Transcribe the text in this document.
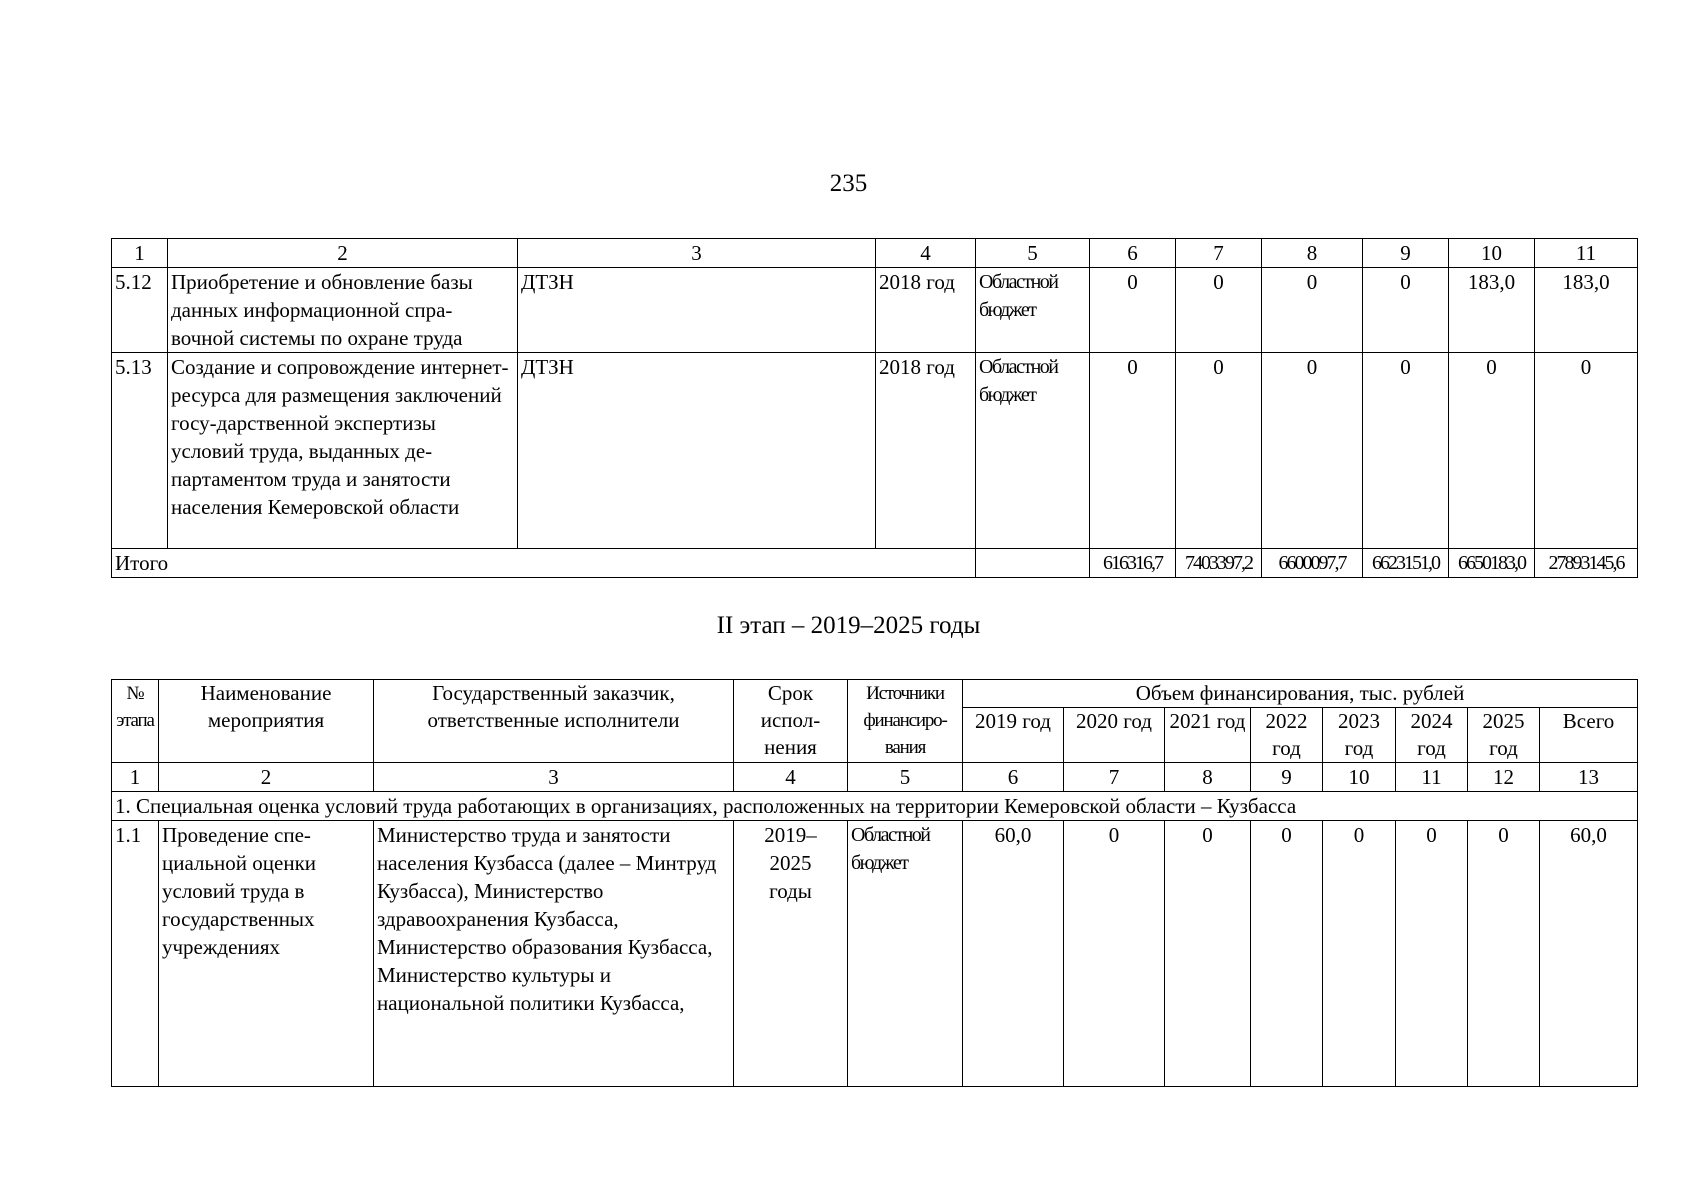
235
1	2	3	4	5	6	7	8	9	10	11
5.12	Приобретение и обновление базы данных информационной спра-вочной системы по охране труда	ДТЗН	2018 год	Областной бюджет	0	0	0	0	183,0	183,0
5.13	Создание и сопровождение интернет-ресурса для размещения заключений госу-дарственной экспертизы условий труда, выданных де-партаментом труда и занятости населения Кемеровской области	ДТЗН	2018 год	Областной бюджет	0	0	0	0	0	0
Итого					616316,7	7403397,2	6600097,7	6623151,0	6650183,0	27893145,6
II этап – 2019–2025 годы
№ этапа	Наименование мероприятия	Государственный заказчик, ответственные исполнители	Срок испол-нения	Источники финансиро-вания	Объем финансирования, тыс. рублей							
					2019 год	2020 год	2021 год	2022 год	2023 год	2024 год	2025 год	Всего
1	2	3	4	5	6	7	8	9	10	11	12	13
1. Специальная оценка условий труда работающих в организациях, расположенных на территории Кемеровской области – Кузбасса												
1.1	Проведение спе-циальной оценки условий труда в государственных учреждениях	Министерство труда и занятости населения Кузбасса (далее – Минтруд Кузбасса), Министерство здравоохранения Кузбасса, Министерство образования Кузбасса, Министерство культуры и национальной политики Кузбасса,	2019–2025 годы	Областной бюджет	60,0	0	0	0	0	0	0	60,0
